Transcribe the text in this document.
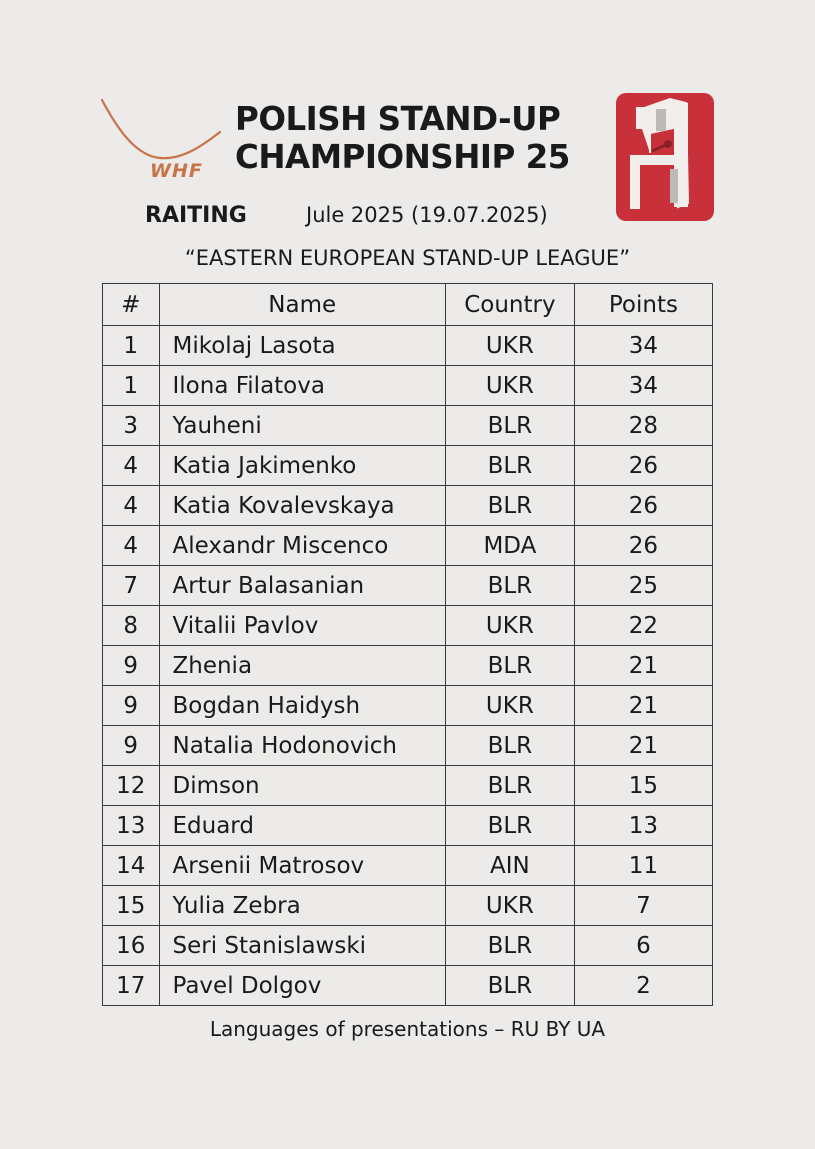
WHF
POLISH STAND-UP
CHAMPIONSHIP 25
RAITING	Jule 2025 (19.07.2025)
“EASTERN EUROPEAN STAND-UP LEAGUE”
#	Name	Country	Points
1	Mikolaj Lasota	UKR	34
1	Ilona Filatova	UKR	34
3	Yauheni	BLR	28
4	Katia Jakimenko	BLR	26
4	Katia Kovalevskaya	BLR	26
4	Alexandr Miscenco	MDA	26
7	Artur Balasanian	BLR	25
8	Vitalii Pavlov	UKR	22
9	Zhenia	BLR	21
9	Bogdan Haidysh	UKR	21
9	Natalia Hodonovich	BLR	21
12	Dimson	BLR	15
13	Eduard	BLR	13
14	Arsenii Matrosov	AIN	11
15	Yulia Zebra	UKR	7
16	Seri Stanislawski	BLR	6
17	Pavel Dolgov	BLR	2
Languages of presentations – RU BY UA
